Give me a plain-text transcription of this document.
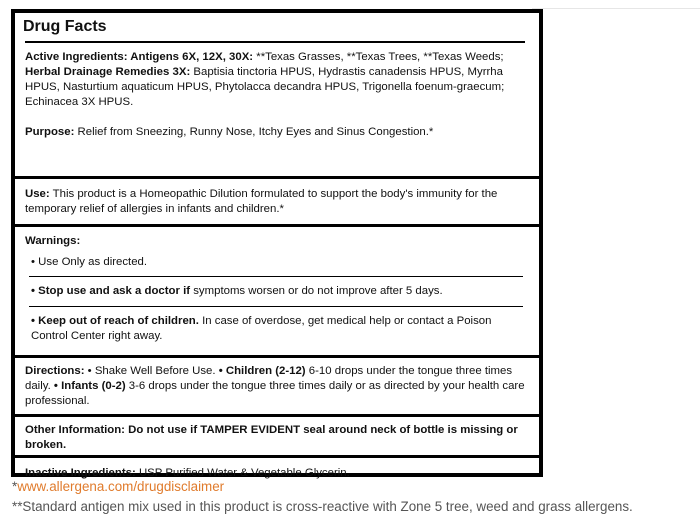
Drug Facts

Active Ingredients: Antigens 6X, 12X, 30X: **Texas Grasses, **Texas Trees, **Texas Weeds;

Herbal Drainage Remedies 3X: Baptisia tinctoria HPUS, Hydrastis canadensis HPUS, Myrrha HPUS, Nasturtium aquaticum HPUS, Phytolacca decandra HPUS, Trigonella foenum-graecum; Echinacea 3X HPUS.

Purpose: Relief from Sneezing, Runny Nose, Itchy Eyes and Sinus Congestion.*

Use: This product is a Homeopathic Dilution formulated to support the body's immunity for the temporary relief of allergies in infants and children.*
Warnings:
• Use Only as directed.
• Stop use and ask a doctor if symptoms worsen or do not improve after 5 days.
• Keep out of reach of children. In case of overdose, get medical help or contact a Poison Control Center right away.
Directions: • Shake Well Before Use. • Children (2-12) 6-10 drops under the tongue three times daily. • Infants (0-2) 3-6 drops under the tongue three times daily or as directed by your health care professional.
Other Information: Do not use if TAMPER EVIDENT seal around neck of bottle is missing or broken.
Inactive Ingredients: USP Purified Water & Vegetable Glycerin.
*www.allergena.com/drugdisclaimer
**Standard antigen mix used in this product is cross-reactive with Zone 5 tree, weed and grass allergens.
